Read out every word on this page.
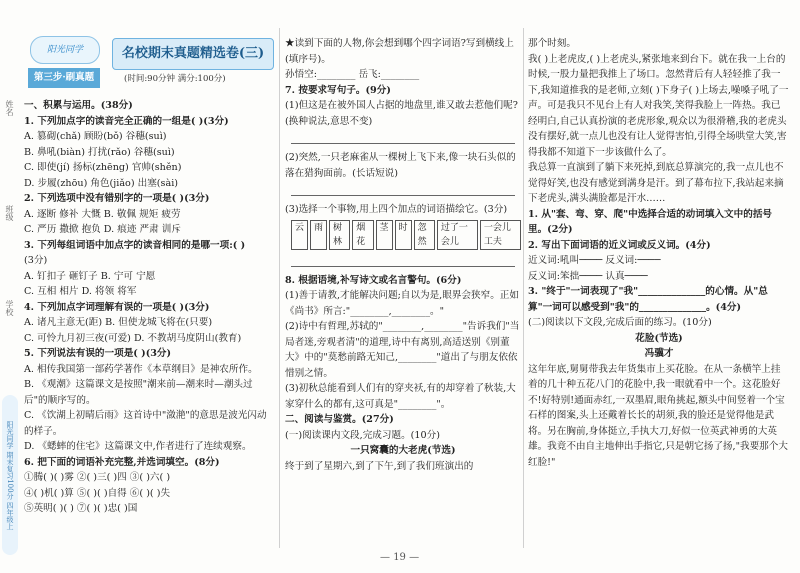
姓名
班级
学校
阳光同学 期末复习100分 四年级上
阳光同学
第三步·刷真题
名校期末真题精选卷(三)
(时间:90分钟 满分:100分)
一、积累与运用。(38分)
1. 下列加点字的读音完全正确的一组是( )(3分)
A. 篡砌(chǎ) 顾盼(bǒ) 谷穗(suì)
B. 鼻吼(biàn) 打扰(rǎo) 谷穗(suì)
C. 即使(jí) 扬标(zhēng) 官帅(shěn)
D. 步履(zhōu) 角色(jiǎo) 出塞(sài)
2. 下列选项中没有错别字的一项是( )(3分)
A. 逐断 修补 大慨 B. 敬佩 规矩 疲劳
C. 严历 撒掀 抱负 D. 痕迹 严肃 训斥
3. 下列每组词语中加点字的读音相同的是哪一项:( )
(3分)
A. 钉扣子 砸钉子 B. 宁可 宁愿
C. 互相 相片 D. 将领 将军
4. 下列加点字词理解有误的一项是( )(3分)
A. 诸凡主意无(距) B. 但使龙城飞将在(只要)
C. 可怜九月初三夜(可爱) D. 不教胡马度阴山(教育)
5. 下列说法有误的一项是( )(3分)
A. 相传我国第一部药学著作《本草纲目》是神农所作。
B. 《观潮》这篇课文是按照"潮来前—潮来时—潮头过后"的顺序写的。
C. 《饮湖上初晴后雨》这首诗中"潋滟"的意思是波光闪动的样子。
D. 《蟋蟀的住宅》这篇课文中,作者进行了连续观察。
6. 把下面的词语补充完整,并选词填空。(8分)
①腾( )( )雾 ②( )三( )四 ③( )六( )
④( )机( )算 ⑤( )( )自得 ⑥( )( )失
⑤英明( )( ) ⑦( )( )忠( )国
★读到下面的人物,你会想到哪个四字词语?写到横线上(填序号)。
孙悟空:________ 岳飞:________
7. 按要求写句子。(9分)
(1)但这是在被外国人占据的地盘里,谁又敢去惹他们呢?(换种说法,意思不变)
(2)突然,一只老麻雀从一棵树上飞下来,像一块石头似的落在猎狗面前。(长话短说)
(3)选择一个事物,用上四个加点的词语描绘它。(3分)
云	雨	树林
烟花
茎	时	忽然
过了一会儿
一会儿工夫
8. 根据语境,补写诗文或名言警句。(6分)
(1)善于请教,才能解决问题;自以为是,眼界会狭窄。正如《尚书》所言:"________,________。"
(2)诗中有哲理,苏轼的"________,________"告诉我们"当局者迷,旁观者清"的道理,诗中有离别,高适送别《别董大》中的"莫愁前路无知己,________"道出了与朋友依依惜别之情。
(3)初秋总能看到人们有的穿夹袄,有的却穿着了秋装,大家穿什么的都有,这可真是"________"。
二、阅读与鉴赏。(27分)
(一)阅读课内文段,完成习题。(10分)
一只窝囊的大老虎(节选)
终于到了星期六,到了下午,到了我们班演出的
那个时刻。
我( )上老虎皮,( )上老虎头,紧张地来到台下。就在我一上台的时候,一股力量把我推上了场口。忽然背后有人轻轻推了我一下,我知道推我的是老师,立刻( )下身子( )上场去,噪嗓子吼了一声。可是我只不见台上有人对我笑,笑得我脸上一阵热。我已经明白,自己认真扮演的老虎形象,观众以为很滑稽,我的老虎头没有摆好,就一点儿也没有让人觉得害怕,引得全场哄堂大笑,害得我都不知道下一步该做什么了。
我总算一直演到了躺下来死掉,到底总算演完的,我一点儿也不觉得好笑,也没有感觉到满身是汗。到了幕布拉下,我站起来摘下老虎头,满头满脸都是汗水……
1. 从"套、弯、穿、爬"中选择合适的动词填入文中的括号里。(2分)
2. 写出下面词语的近义词或反义词。(4分)
近义词:吼叫──── 反义词:────
反义词:笨拙──── 认真────
3. "终于"一词表现了"我"______________的心情。从"总算"一词可以感受到"我"的______________。(4分)
(二)阅读以下文段,完成后面的练习。(10分)
花脸(节选)
冯骥才
这年年底,舅舅带我去年货集市上买花脸。在从一条横竿上挂着的几十种五花八门的花脸中,我一眼就看中一个。这花脸好不!好特别!通面赤红,一双墨眉,眼角挑起,额头中间竖着一个宝石样的图案,头上还戴着长长的胡须,我的脸还是觉得他是武将。另在胸前,身体挺立,手执大刀,好似一位英武神勇的大英雄。我竟不由自主地伸出手指它,只是朝它扬了扬,"我要那个大红脸!"
— 19 —
